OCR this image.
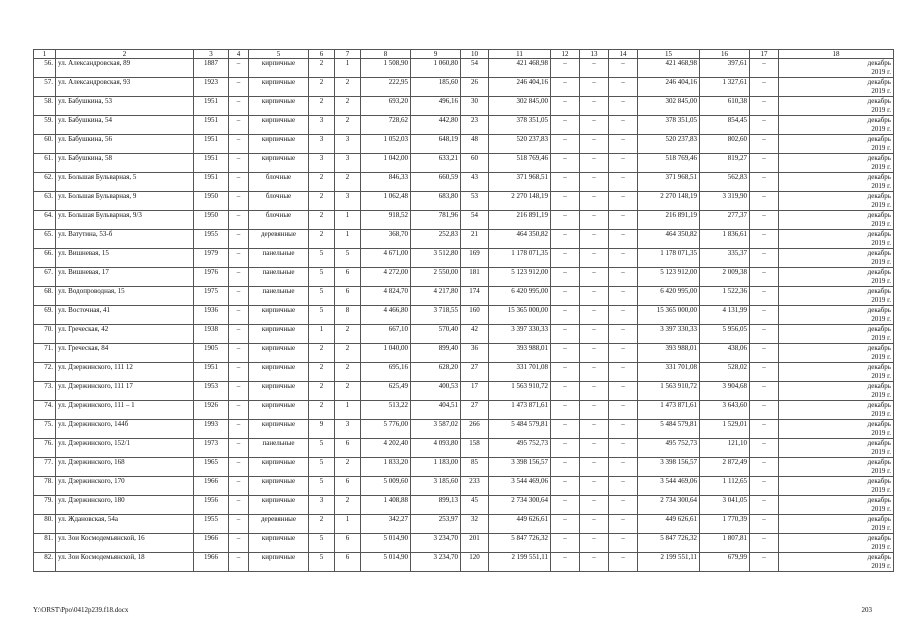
1	2	3	4	5	6	7	8	9	10	11	12	13	14	15	16	17	18
56.	ул. Александровская, 89	1887	–	кирпичные	2	1	1 508,90	1 060,80	54	421 468,98	–	–	–	421 468,98	397,61	–	декабрь
																	2019 г.
57.	ул. Александровская, 93	1923	–	кирпичные	2	2	222,95	185,60	26	246 404,16	–	–	–	246 404,16	1 327,61	–	декабрь
																	2019 г.
58.	ул. Бабушкина, 53	1951	–	кирпичные	2	2	693,20	496,16	30	302 845,00	–	–	–	302 845,00	610,38	–	декабрь
																	2019 г.
59.	ул. Бабушкина, 54	1951	–	кирпичные	3	2	728,62	442,80	23	378 351,05	–	–	–	378 351,05	854,45	–	декабрь
																	2019 г.
60.	ул. Бабушкина, 56	1951	–	кирпичные	3	3	1 052,03	648,19	48	520 237,83	–	–	–	520 237,83	802,60	–	декабрь
																	2019 г.
61.	ул. Бабушкина, 58	1951	–	кирпичные	3	3	1 042,00	633,21	60	518 769,46	–	–	–	518 769,46	819,27	–	декабрь
																	2019 г.
62.	ул. Большая Бульварная, 5	1951	–	блочные	2	2	846,33	660,59	43	371 968,51	–	–	–	371 968,51	562,83	–	декабрь
																	2019 г.
63.	ул. Большая Бульварная, 9	1950	–	блочные	2	3	1 062,48	683,80	53	2 270 148,19	–	–	–	2 270 148,19	3 319,90	–	декабрь
																	2019 г.
64.	ул. Большая Бульварная, 9/3	1950	–	блочные	2	1	918,52	781,96	54	216 891,19	–	–	–	216 891,19	277,37	–	декабрь
																	2019 г.
65.	ул. Ватутина, 53-б	1955	–	деревянные	2	1	368,70	252,83	21	464 350,82	–	–	–	464 350,82	1 836,61	–	декабрь
																	2019 г.
66.	ул. Вишневая, 15	1979	–	панельные	5	5	4 671,00	3 512,80	169	1 178 071,35	–	–	–	1 178 071,35	335,37	–	декабрь
																	2019 г.
67.	ул. Вишневая, 17	1976	–	панельные	5	6	4 272,00	2 550,00	181	5 123 912,00	–	–	–	5 123 912,00	2 009,38	–	декабрь
																	2019 г.
68.	ул. Водопроводная, 15	1975	–	панельные	5	6	4 824,70	4 217,80	174	6 420 995,00	–	–	–	6 420 995,00	1 522,36	–	декабрь
																	2019 г.
69.	ул. Восточная, 41	1936	–	кирпичные	5	8	4 466,80	3 718,55	160	15 365 000,00	–	–	–	15 365 000,00	4 131,99	–	декабрь
																	2019 г.
70.	ул. Греческая, 42	1938	–	кирпичные	1	2	667,10	570,40	42	3 397 330,33	–	–	–	3 397 330,33	5 956,05	–	декабрь
																	2019 г.
71.	ул. Греческая, 84	1905	–	кирпичные	2	2	1 040,00	899,40	36	393 988,01	–	–	–	393 988,01	438,06	–	декабрь
																	2019 г.
72.	ул. Дзержинского, 111 12	1951	–	кирпичные	2	2	695,16	628,20	27	331 701,08	–	–	–	331 701,08	528,02	–	декабрь
																	2019 г.
73.	ул. Дзержинского, 111 17	1953	–	кирпичные	2	2	625,49	400,53	17	1 563 910,72	–	–	–	1 563 910,72	3 904,68	–	декабрь
																	2019 г.
74.	ул. Дзержинского, 111 – 1	1926	–	кирпичные	2	1	513,22	404,51	27	1 473 871,61	–	–	–	1 473 871,61	3 643,60	–	декабрь
																	2019 г.
75.	ул. Дзержинского, 144б	1993	–	кирпичные	9	3	5 776,00	3 587,02	266	5 484 579,81	–	–	–	5 484 579,81	1 529,01	–	декабрь
																	2019 г.
76.	ул. Дзержинского, 152/1	1973	–	панельные	5	6	4 202,40	4 093,80	158	495 752,73	–	–	–	495 752,73	121,10	–	декабрь
																	2019 г.
77.	ул. Дзержинского, 168	1965	–	кирпичные	5	2	1 833,20	1 183,00	85	3 398 156,57	–	–	–	3 398 156,57	2 872,49	–	декабрь
																	2019 г.
78.	ул. Дзержинского, 170	1966	–	кирпичные	5	6	5 009,60	3 185,60	233	3 544 469,06	–	–	–	3 544 469,06	1 112,65	–	декабрь
																	2019 г.
79.	ул. Дзержинского, 180	1956	–	кирпичные	3	2	1 408,88	899,13	45	2 734 300,64	–	–	–	2 734 300,64	3 041,05	–	декабрь
																	2019 г.
80.	ул. Ждановская, 54а	1955	–	деревянные	2	1	342,27	253,97	32	449 626,61	–	–	–	449 626,61	1 770,39	–	декабрь
																	2019 г.
81.	ул. Зои Космодемьянской, 16	1966	–	кирпичные	5	6	5 014,90	3 234,70	201	5 847 726,32	–	–	–	5 847 726,32	1 807,81	–	декабрь
																	2019 г.
82.	ул. Зои Космодемьянской, 18	1966	–	кирпичные	5	6	5 014,90	3 234,70	120	2 199 551,11	–	–	–	2 199 551,11	679,99	–	декабрь
																	2019 г.
Y:\ORST\Ppo\0412p239.f18.docx	203
